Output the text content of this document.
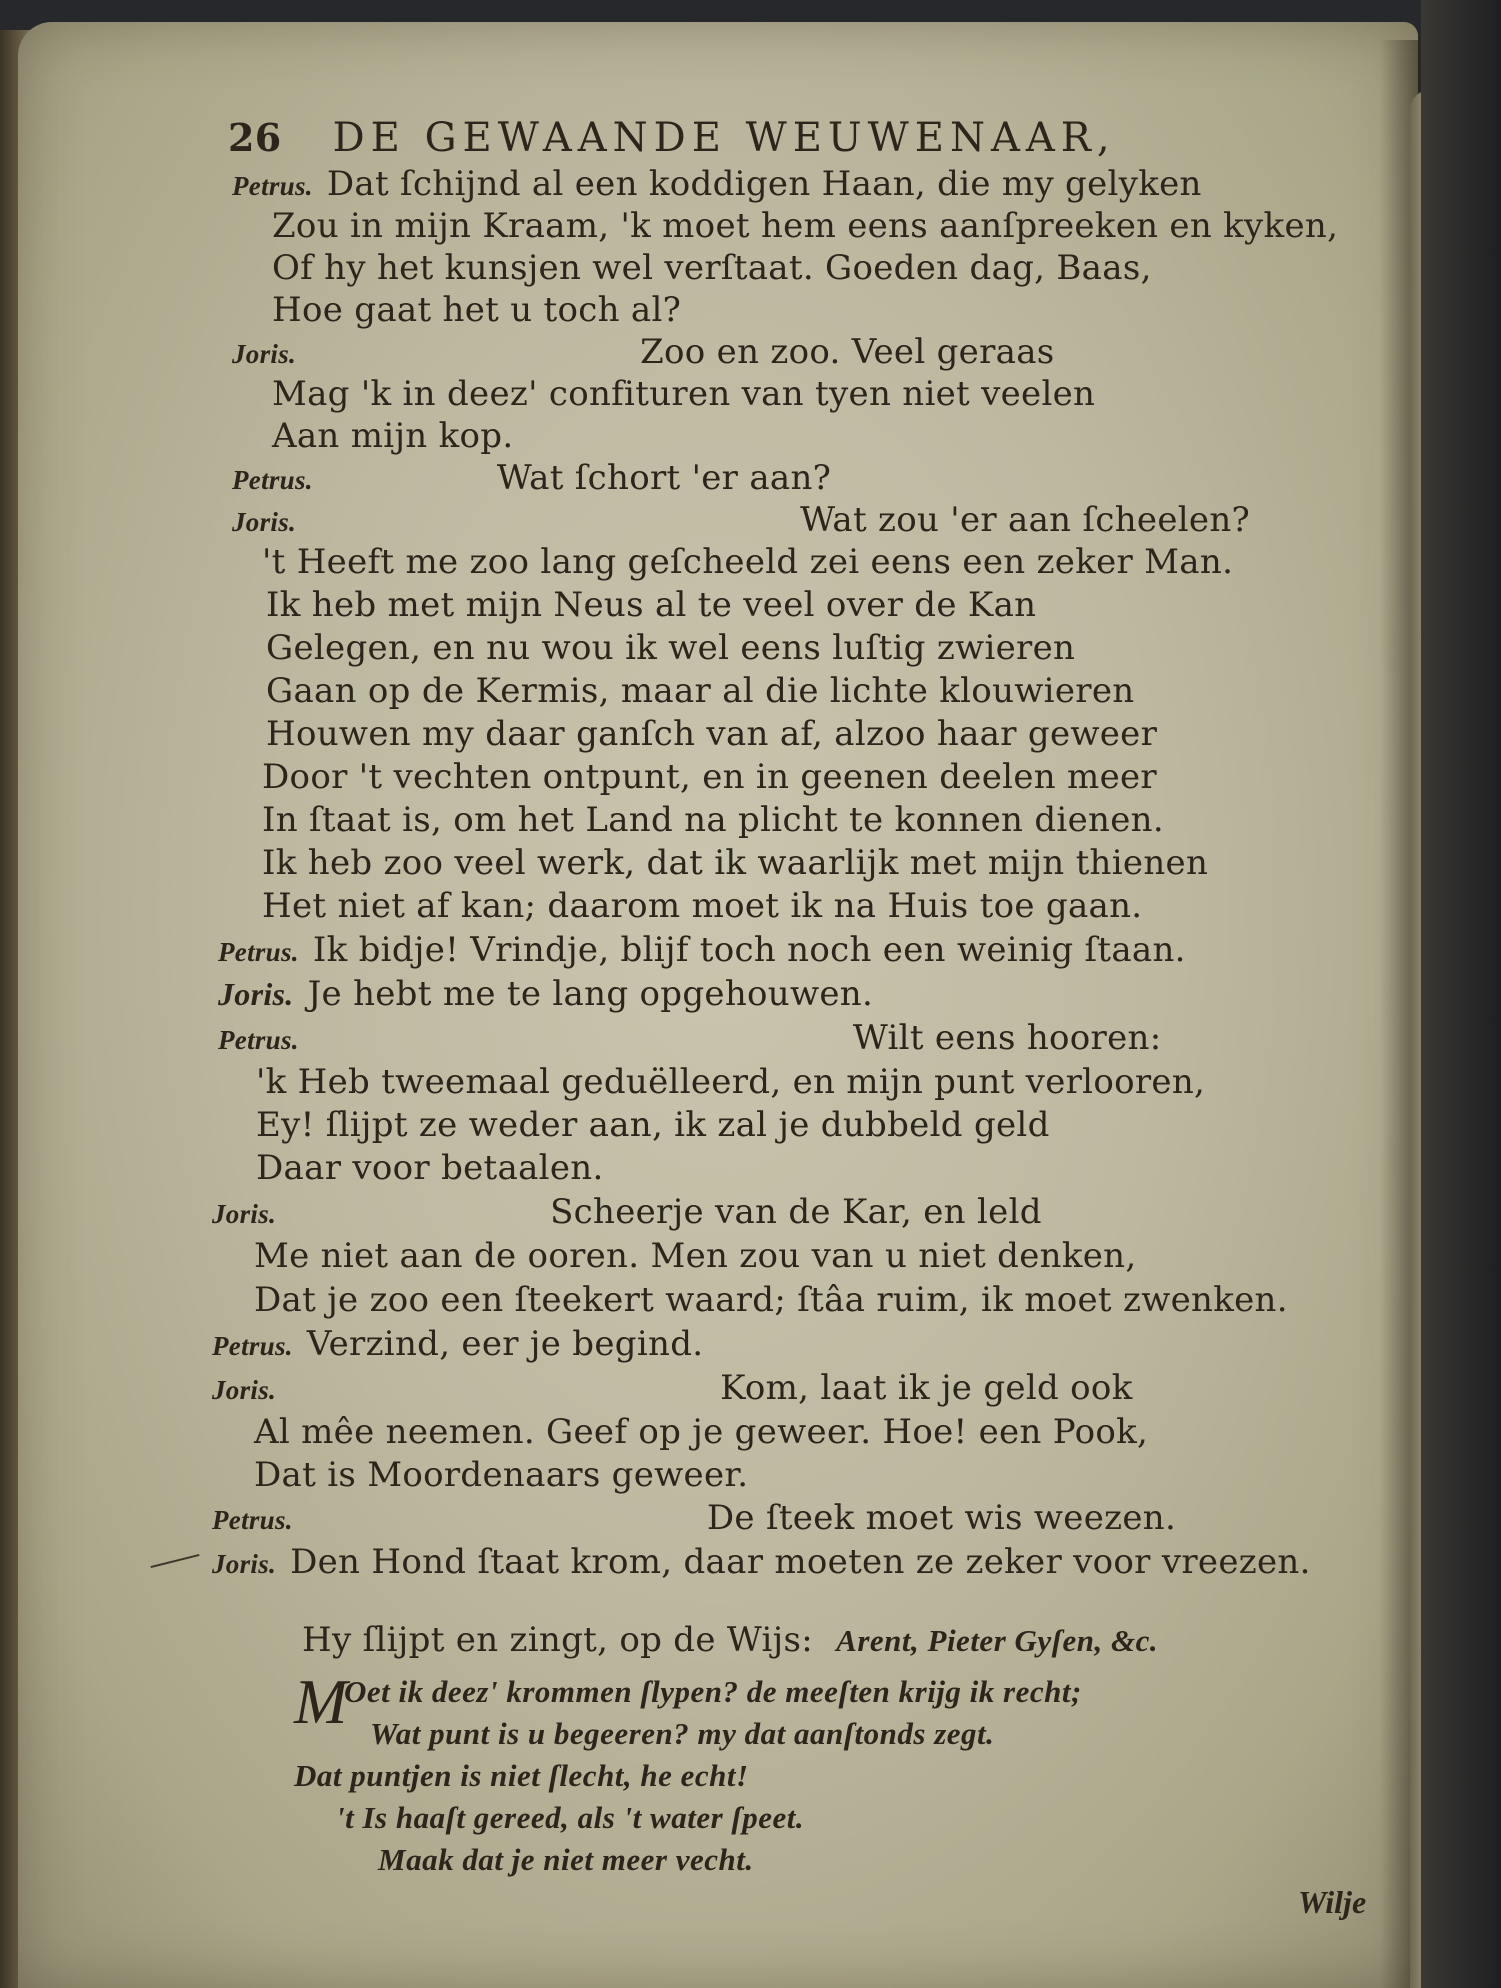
26 DE GEWAANDE WEUWENAAR,
Petrus. Dat ſchijnd al een koddigen Haan, die my gelyken
Zou in mijn Kraam, 'k moet hem eens aanſpreeken en kyken,
Of hy het kunsjen wel verſtaat. Goeden dag, Baas,
Hoe gaat het u toch al?
Joris.	Zoo en zoo. Veel geraas
Mag 'k in deez' confituren van tyen niet veelen
Aan mijn kop.
Petrus.	Wat ſchort 'er aan?
Joris.	Wat zou 'er aan ſcheelen?
't Heeft me zoo lang geſcheeld zei eens een zeker Man.
Ik heb met mijn Neus al te veel over de Kan
Gelegen, en nu wou ik wel eens luſtig zwieren
Gaan op de Kermis, maar al die lichte klouwieren
Houwen my daar ganſch van af, alzoo haar geweer
Door 't vechten ontpunt, en in geenen deelen meer
In ſtaat is, om het Land na plicht te konnen dienen.
Ik heb zoo veel werk, dat ik waarlijk met mijn thienen
Het niet af kan; daarom moet ik na Huis toe gaan.
Petrus. Ik bidje! Vrindje, blijf toch noch een weinig ſtaan.
Joris. Je hebt me te lang opgehouwen.
Petrus.	Wilt eens hooren:
'k Heb tweemaal geduëlleerd, en mijn punt verlooren,
Ey! ſlijpt ze weder aan, ik zal je dubbeld geld
Daar voor betaalen.
Joris.	Scheerje van de Kar, en leld
Me niet aan de ooren. Men zou van u niet denken,
Dat je zoo een ſteekert waard; ſtâa ruim, ik moet zwenken.
Petrus. Verzind, eer je begind.
Joris.	Kom, laat ik je geld ook
Al mêe neemen. Geef op je geweer. Hoe! een Pook,
Dat is Moordenaars geweer.
Petrus.	De ſteek moet wis weezen.
Joris. Den Hond ſtaat krom, daar moeten ze zeker voor vreezen.
Hy ſlijpt en zingt, op de Wijs: Arent, Pieter Gyſen, &c.
M
Oet ik deez' krommen ſlypen? de meeſten krijg ik recht;
Wat punt is u begeeren? my dat aanſtonds zegt.
Dat puntjen is niet ſlecht, he echt!
't Is haaſt gereed, als 't water ſpeet.
Maak dat je niet meer vecht.
Wilje
